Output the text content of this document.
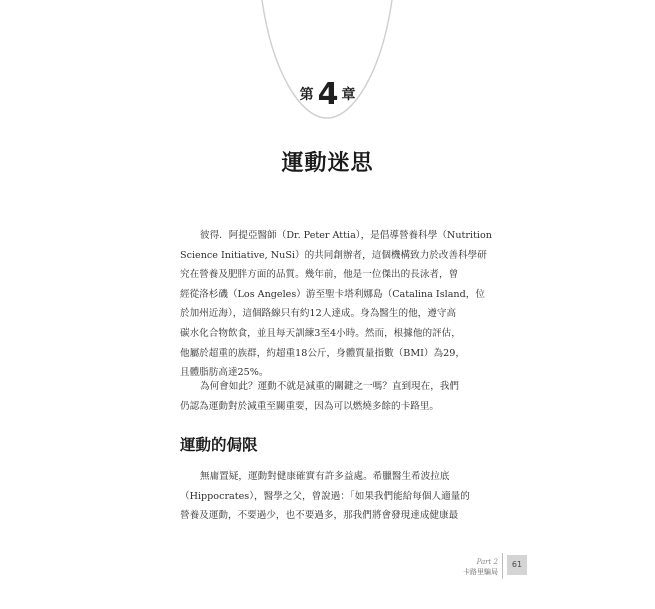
第 4 章
運動迷思

彼得．阿提亞醫師（Dr. Peter Attia），是倡導營養科學（Nutrition
Science Initiative, NuSi）的共同創辦者，這個機構致力於改善科學研
究在營養及肥胖方面的品質。幾年前，他是一位傑出的長泳者，曾
經從洛杉磯（Los Angeles）游至聖卡塔利娜島（Catalina Island，位
於加州近海），這個路線只有約12人達成。身為醫生的他，遵守高
碳水化合物飲食，並且每天訓練3至4小時。然而，根據他的評估，
他屬於超重的族群，約超重18公斤，身體質量指數（BMI）為29，
且體脂肪高達25%。

為何會如此？運動不就是減重的關鍵之一嗎？直到現在，我們
仍認為運動對於減重至關重要，因為可以燃燒多餘的卡路里。

運動的侷限

無庸置疑，運動對健康確實有許多益處。希臘醫生希波拉底
（Hippocrates），醫學之父，曾說過：「如果我們能給每個人適量的
營養及運動，不要過少，也不要過多，那我們將會發現達成健康最

Part 2
卡路里騙局
61
